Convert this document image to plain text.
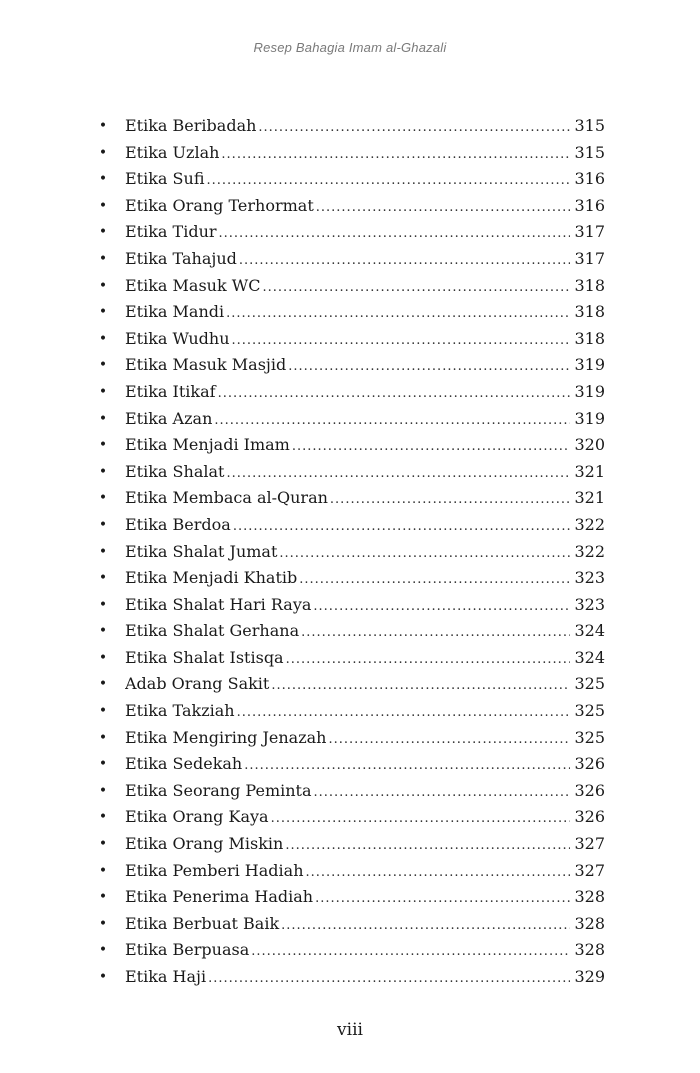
Resep Bahagia Imam al-Ghazali
• Etika Beribadah .....	315
• Etika Uzlah .....	315
• Etika Sufi .....	316
• Etika Orang Terhormat .....	316
• Etika Tidur .....	317
• Etika Tahajud .....	317
• Etika Masuk WC .....	318
• Etika Mandi .....	318
• Etika Wudhu .....	318
• Etika Masuk Masjid .....	319
• Etika Itikaf .....	319
• Etika Azan .....	319
• Etika Menjadi Imam .....	320
• Etika Shalat .....	321
• Etika Membaca al-Quran .....	321
• Etika Berdoa .....	322
• Etika Shalat Jumat .....	322
• Etika Menjadi Khatib .....	323
• Etika Shalat Hari Raya .....	323
• Etika Shalat Gerhana .....	324
• Etika Shalat Istisqa .....	324
• Adab Orang Sakit .....	325
• Etika Takziah .....	325
• Etika Mengiring Jenazah .....	325
• Etika Sedekah .....	326
• Etika Seorang Peminta .....	326
• Etika Orang Kaya .....	326
• Etika Orang Miskin .....	327
• Etika Pemberi Hadiah .....	327
• Etika Penerima Hadiah .....	328
• Etika Berbuat Baik .....	328
• Etika Berpuasa .....	328
• Etika Haji .....	329
viii
